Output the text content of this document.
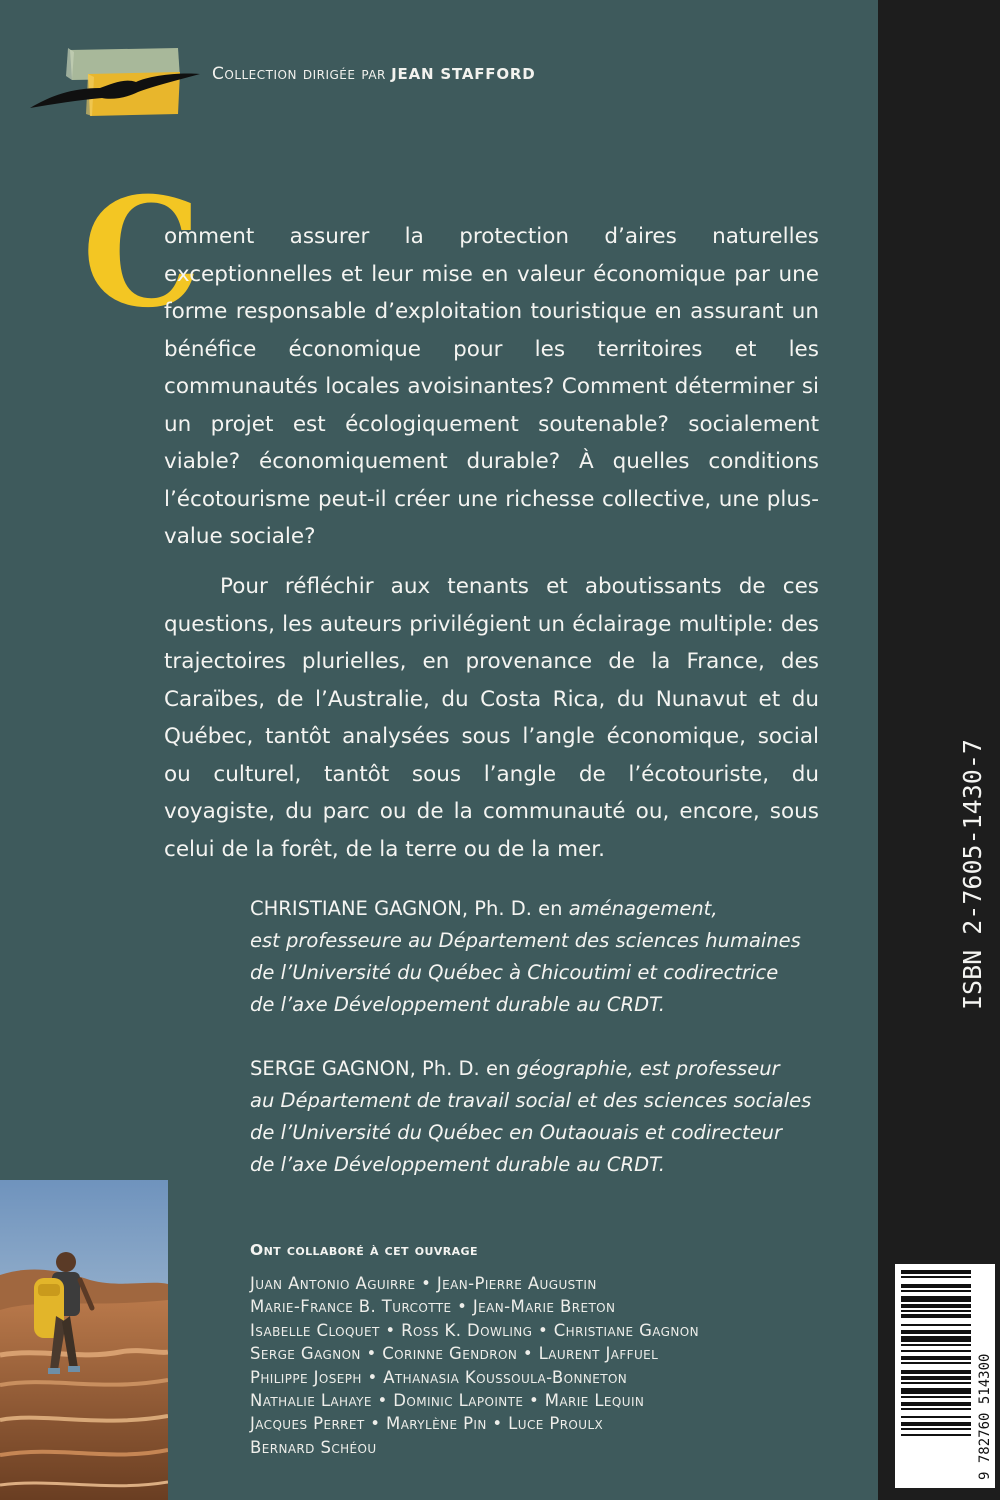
Collection dirigée par JEAN STAFFORD
C
omment assurer la protection d’aires naturelles exceptionnelles et leur mise en valeur économique par une forme responsable d’exploitation touristique en assurant un bénéfice économique pour les territoires et les communautés locales avoisinantes? Comment déterminer si un projet est écologiquement soutenable? socialement viable? économiquement durable? À quelles conditions l’écotourisme peut-il créer une richesse collective, une plus-value sociale?
Pour réfléchir aux tenants et aboutissants de ces questions, les auteurs privilégient un éclairage multiple: des trajectoires plurielles, en provenance de la France, des Caraïbes, de l’Australie, du Costa Rica, du Nunavut et du Québec, tantôt analysées sous l’angle économique, social ou culturel, tantôt sous l’angle de l’écotouriste, du voyagiste, du parc ou de la communauté ou, encore, sous celui de la forêt, de la terre ou de la mer.
CHRISTIANE GAGNON, Ph. D. en aménagement,
est professeure au Département des sciences humaines
de l’Université du Québec à Chicoutimi et codirectrice
de l’axe Développement durable au CRDT.
SERGE GAGNON, Ph. D. en géographie, est professeur
au Département de travail social et des sciences sociales
de l’Université du Québec en Outaouais et codirecteur
de l’axe Développement durable au CRDT.
Ont collaboré à cet ouvrage
Juan Antonio Aguirre • Jean-Pierre Augustin
Marie-France B. Turcotte • Jean-Marie Breton
Isabelle Cloquet • Ross K. Dowling • Christiane Gagnon
Serge Gagnon • Corinne Gendron • Laurent Jaffuel
Philippe Joseph • Athanasia Koussoula-Bonneton
Nathalie Lahaye • Dominic Lapointe • Marie Lequin
Jacques Perret • Marylène Pin • Luce Proulx
Bernard Schéou
ISBN 2-7605-1430-7
9 782760 514300
